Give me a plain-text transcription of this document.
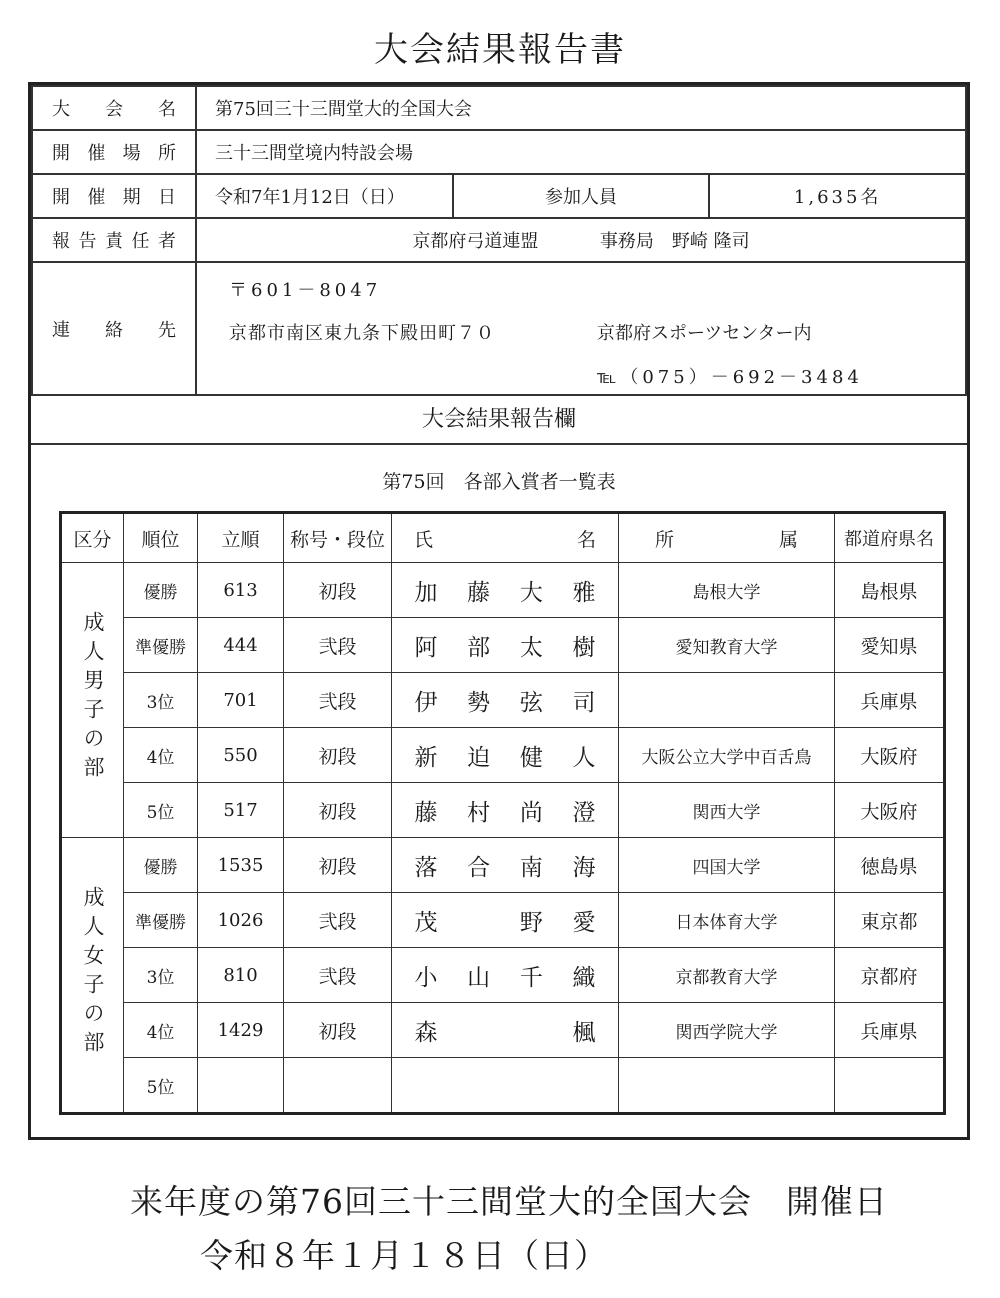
大会結果報告書
大会名	第75回三十三間堂大的全国大会		

開催場所	三十三間堂境内特設会場		

開催期日	令和7年1月12日（日）	参加人員	1,635名

報告責任者	京都府弓道連盟 事務局　野崎 隆司		

連絡先	〒601－8047
京都市南区東九条下殿田町７０ 京都府スポーツセンター内
℡（075）－692－3484		
大会結果報告欄
第75回　各部入賞者一覧表
区分	順位	立順	称号・段位	氏 名	所 属	都道府県名
成人男子の部	優勝	613	初段	加 藤 大 雅	島根大学	島根県
	準優勝	444	弐段	阿 部 太 樹	愛知教育大学	愛知県
	3位	701	弐段	伊 勢 弦 司		兵庫県
	4位	550	初段	新 迫 健 人	大阪公立大学中百舌鳥	大阪府
	5位	517	初段	藤 村 尚 澄	関西大学	大阪府
成人女子の部	優勝	1535	初段	落 合 南 海	四国大学	徳島県
	準優勝	1026	弐段	茂 野 愛	日本体育大学	東京都
	3位	810	弐段	小 山 千 織	京都教育大学	京都府
	4位	1429	初段	森 楓	関西学院大学	兵庫県
	5位			

来年度の第76回三十三間堂大的全国大会　開催日
令和８年１月１８日（日）
